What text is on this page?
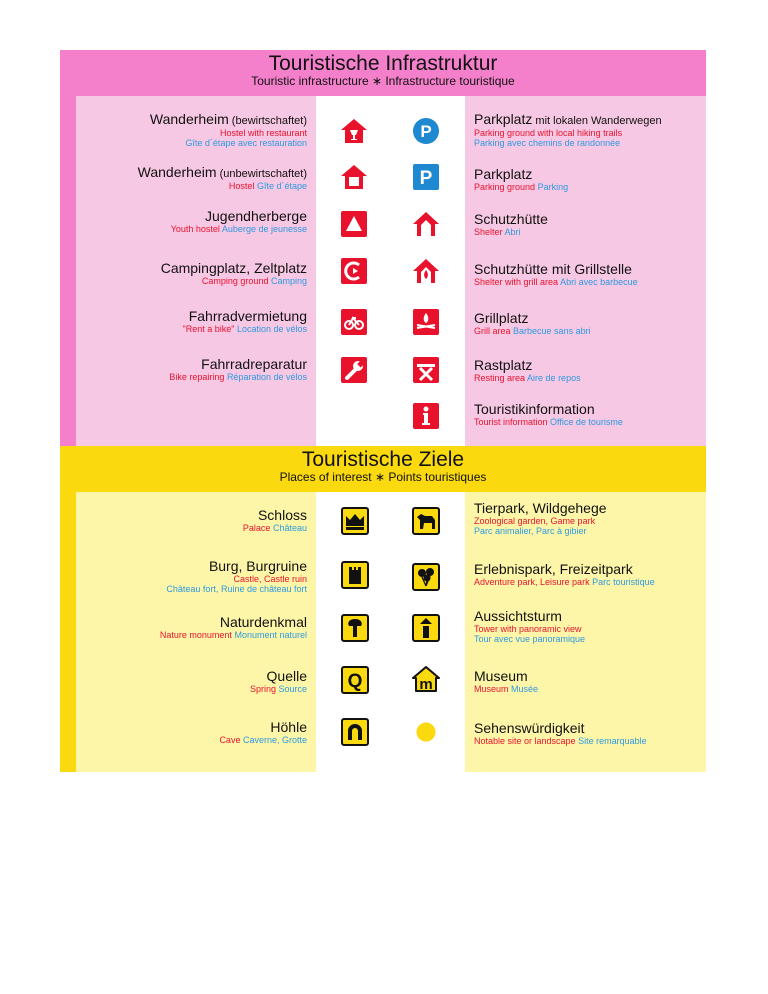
Touristische Infrastruktur
Touristic infrastructure ∗ Infrastructure touristique
Wanderheim (bewirtschaftet)
Hostel with restaurant
Gîte d´étape avec restauration
Wanderheim (unbewirtschaftet)
Hostel Gîte d´étape
Jugendherberge
Youth hostel Auberge de jeunesse
Campingplatz, Zeltplatz
Camping ground Camping
Fahrradvermietung
"Rent a bike" Location de vélos
Fahrradreparatur
Bike repairing Réparation de vélos
Parkplatz mit lokalen Wanderwegen
Parking ground with local hiking trails
Parking avec chemins de randonnée
Parkplatz
Parking ground Parking
Schutzhütte
Shelter Abri
Schutzhütte mit Grillstelle
Shelter with grill area Abri avec barbecue
Grillplatz
Grill area Barbecue sans abri
Rastplatz
Resting area Aire de repos
Touristikinformation
Tourist information Office de tourisme
P
P
Touristische Ziele
Places of interest ∗ Points touristiques
Schloss
Palace Château
Burg, Burgruine
Castle, Castle ruin
Château fort, Ruine de château fort
Naturdenkmal
Nature monument Monument naturel
Quelle
Spring Source
Höhle
Cave Caverne, Grotte
Tierpark, Wildgehege
Zoological garden, Game park
Parc animalier, Parc à gibier
Erlebnispark, Freizeitpark
Adventure park, Leisure park Parc touristique
Aussichtsturm
Tower with panoramic view
Tour avec vue panoramique
Museum
Museum Musée
Sehenswürdigkeit
Notable site or landscape Site remarquable
Q	m
